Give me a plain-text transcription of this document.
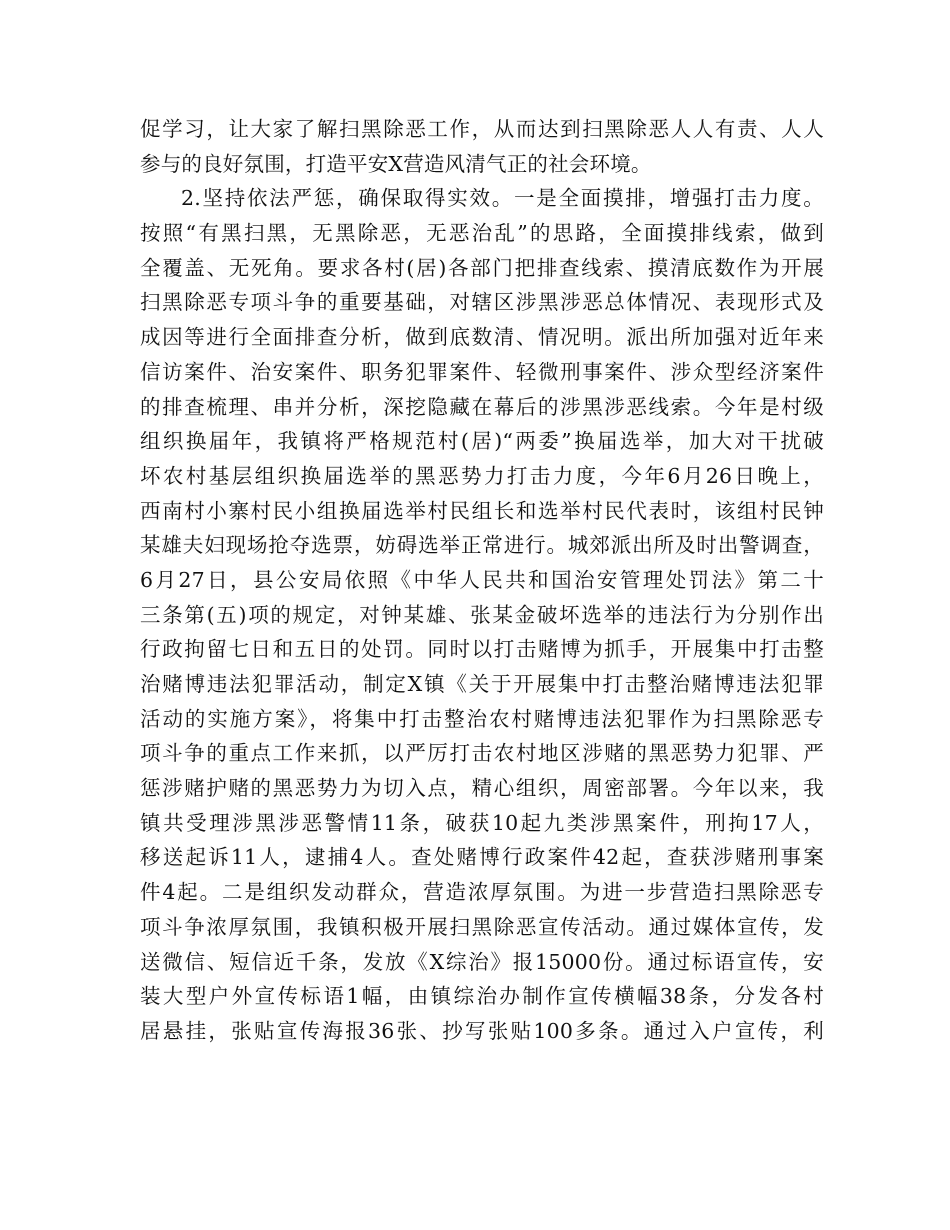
促学习，让大家了解扫黑除恶工作，从而达到扫黑除恶人人有责、人人
参与的良好氛围，打造平安X营造风清气正的社会环境。
2.坚持依法严惩，确保取得实效。一是全面摸排，增强打击力度。
按照“有黑扫黑，无黑除恶，无恶治乱”的思路，全面摸排线索，做到
全覆盖、无死角。要求各村(居)各部门把排查线索、摸清底数作为开展
扫黑除恶专项斗争的重要基础，对辖区涉黑涉恶总体情况、表现形式及
成因等进行全面排查分析，做到底数清、情况明。派出所加强对近年来
信访案件、治安案件、职务犯罪案件、轻微刑事案件、涉众型经济案件
的排查梳理、串并分析，深挖隐藏在幕后的涉黑涉恶线索。今年是村级
组织换届年，我镇将严格规范村(居)“两委”换届选举，加大对干扰破
坏农村基层组织换届选举的黑恶势力打击力度，今年6月26日晚上，
西南村小寨村民小组换届选举村民组长和选举村民代表时，该组村民钟
某雄夫妇现场抢夺选票，妨碍选举正常进行。城郊派出所及时出警调查，
6月27日，县公安局依照《中华人民共和国治安管理处罚法》第二十
三条第(五)项的规定，对钟某雄、张某金破坏选举的违法行为分别作出
行政拘留七日和五日的处罚。同时以打击赌博为抓手，开展集中打击整
治赌博违法犯罪活动，制定X镇《关于开展集中打击整治赌博违法犯罪
活动的实施方案》，将集中打击整治农村赌博违法犯罪作为扫黑除恶专
项斗争的重点工作来抓，以严厉打击农村地区涉赌的黑恶势力犯罪、严
惩涉赌护赌的黑恶势力为切入点，精心组织，周密部署。今年以来，我
镇共受理涉黑涉恶警情11条，破获10起九类涉黑案件，刑拘17人，
移送起诉11人，逮捕4人。查处赌博行政案件42起，查获涉赌刑事案
件4起。二是组织发动群众，营造浓厚氛围。为进一步营造扫黑除恶专
项斗争浓厚氛围，我镇积极开展扫黑除恶宣传活动。通过媒体宣传，发
送微信、短信近千条，发放《X综治》报15000份。通过标语宣传，安
装大型户外宣传标语1幅，由镇综治办制作宣传横幅38条，分发各村
居悬挂，张贴宣传海报36张、抄写张贴100多条。通过入户宣传，利
